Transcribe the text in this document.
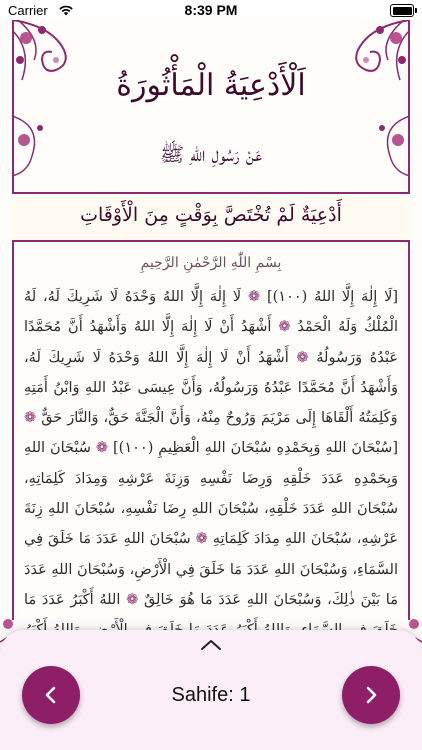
Carrier	8:39 PM
اَلْأَدْعِيَةُ الْمَأْثُورَةُ
عَنْ رَسُولِ اللهِ ﷺ
أَدْعِيَةٌ لَمْ تُخْتَصَّ بِوَقْتٍ مِنَ الْأَوْقَاتِ
بِسْمِ اللّٰهِ الرَّحْمٰنِ الرَّحِيمِ
[لَا إِلٰهَ إِلَّا اللهُ (١٠٠)] ❁ لَا إِلٰهَ إِلَّا اللهُ وَحْدَهُ لَا شَرِيكَ لَهُ، لَهُ الْمُلْكُ وَلَهُ الْحَمْدُ ❁ أَشْهَدُ أَنْ لَا إِلٰهَ إِلَّا اللهُ وَأَشْهَدُ أَنَّ مُحَمَّدًا عَبْدُهُ وَرَسُولُهُ ❁ أَشْهَدُ أَنْ لَا إِلٰهَ إِلَّا اللهُ وَحْدَهُ لَا شَرِيكَ لَهُ، وَأَشْهَدُ أَنَّ مُحَمَّدًا عَبْدُهُ وَرَسُولُهُ، وَأَنَّ عِيسَى عَبْدُ اللهِ وَابْنُ أَمَتِهِ وَكَلِمَتُهُ أَلْقَاهَا إِلَى مَرْيَمَ وَرُوحٌ مِنْهُ، وَأَنَّ الْجَنَّةَ حَقٌّ، وَالنَّارَ حَقٌّ ❁ [سُبْحَانَ اللهِ وَبِحَمْدِهِ سُبْحَانَ اللهِ الْعَظِيمِ (١٠٠)] ❁ سُبْحَانَ اللهِ وَبِحَمْدِهِ عَدَدَ خَلْقِهِ وَرِضَا نَفْسِهِ وَزِنَةَ عَرْشِهِ وَمِدَادَ كَلِمَاتِهِ، سُبْحَانَ اللهِ عَدَدَ خَلْقِهِ، سُبْحَانَ اللهِ رِضَا نَفْسِهِ، سُبْحَانَ اللهِ زِنَةَ عَرْشِهِ، سُبْحَانَ اللهِ مِدَادَ كَلِمَاتِهِ ❁ سُبْحَانَ اللهِ عَدَدَ مَا خَلَقَ فِي السَّمَاءِ، وَسُبْحَانَ اللهِ عَدَدَ مَا خَلَقَ فِي الْأَرْضِ، وَسُبْحَانَ اللهِ عَدَدَ مَا بَيْنَ ذٰلِكَ، وَسُبْحَانَ اللهِ عَدَدَ مَا هُوَ خَالِقٌ ❁ اللهُ أَكْبَرُ عَدَدَ مَا
Sahife: 1
